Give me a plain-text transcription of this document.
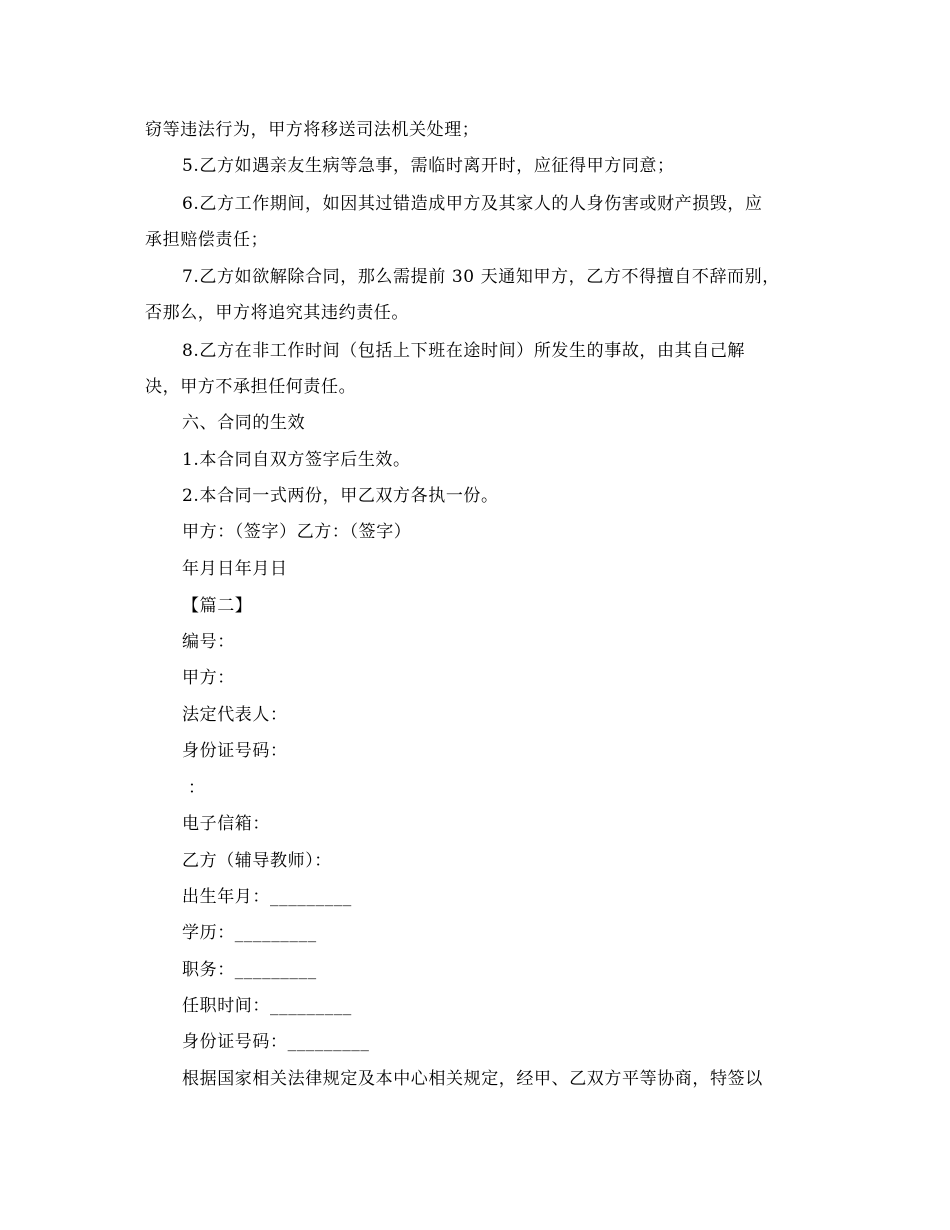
窃等违法行为，甲方将移送司法机关处理；
5.乙方如遇亲友生病等急事，需临时离开时，应征得甲方同意；
6.乙方工作期间，如因其过错造成甲方及其家人的人身伤害或财产损毁，应
承担赔偿责任；
7.乙方如欲解除合同，那么需提前 30 天通知甲方，乙方不得擅自不辞而别，
否那么，甲方将追究其违约责任。
8.乙方在非工作时间（包括上下班在途时间）所发生的事故，由其自己解
决，甲方不承担任何责任。
六、合同的生效
1.本合同自双方签字后生效。
2.本合同一式两份，甲乙双方各执一份。
甲方：（签字）乙方：（签字）
年月日年月日
【篇二】
编号：
甲方：
法定代表人：
身份证号码：
：
电子信箱：
乙方（辅导教师）：
出生年月：_________
学历：_________
职务：_________
任职时间：_________
身份证号码：_________
根据国家相关法律规定及本中心相关规定，经甲、乙双方平等协商，特签以
